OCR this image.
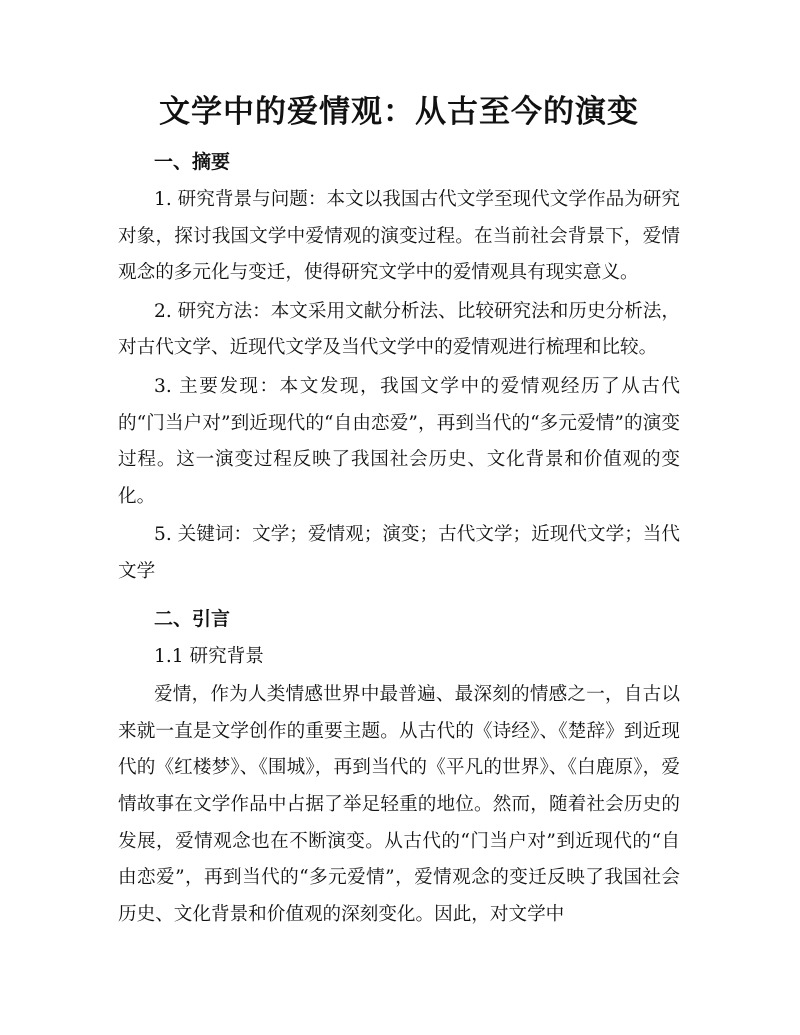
文学中的爱情观：从古至今的演变
一、摘要

1. 研究背景与问题：本文以我国古代文学至现代文学作品为研究对象，探讨我国文学中爱情观的演变过程。在当前社会背景下，爱情观念的多元化与变迁，使得研究文学中的爱情观具有现实意义。

2. 研究方法：本文采用文献分析法、比较研究法和历史分析法，对古代文学、近现代文学及当代文学中的爱情观进行梳理和比较。

3. 主要发现：本文发现，我国文学中的爱情观经历了从古代的“门当户对”到近现代的“自由恋爱”，再到当代的“多元爱情”的演变过程。这一演变过程反映了我国社会历史、文化背景和价值观的变化。

5. 关键词：文学；爱情观；演变；古代文学；近现代文学；当代文学

二、引言

1.1 研究背景

爱情，作为人类情感世界中最普遍、最深刻的情感之一，自古以来就一直是文学创作的重要主题。从古代的《诗经》、《楚辞》到近现代的《红楼梦》、《围城》，再到当代的《平凡的世界》、《白鹿原》，爱情故事在文学作品中占据了举足轻重的地位。然而，随着社会历史的发展，爱情观念也在不断演变。从古代的“门当户对”到近现代的“自由恋爱”，再到当代的“多元爱情”，爱情观念的变迁反映了我国社会历史、文化背景和价值观的深刻变化。因此，对文学中
